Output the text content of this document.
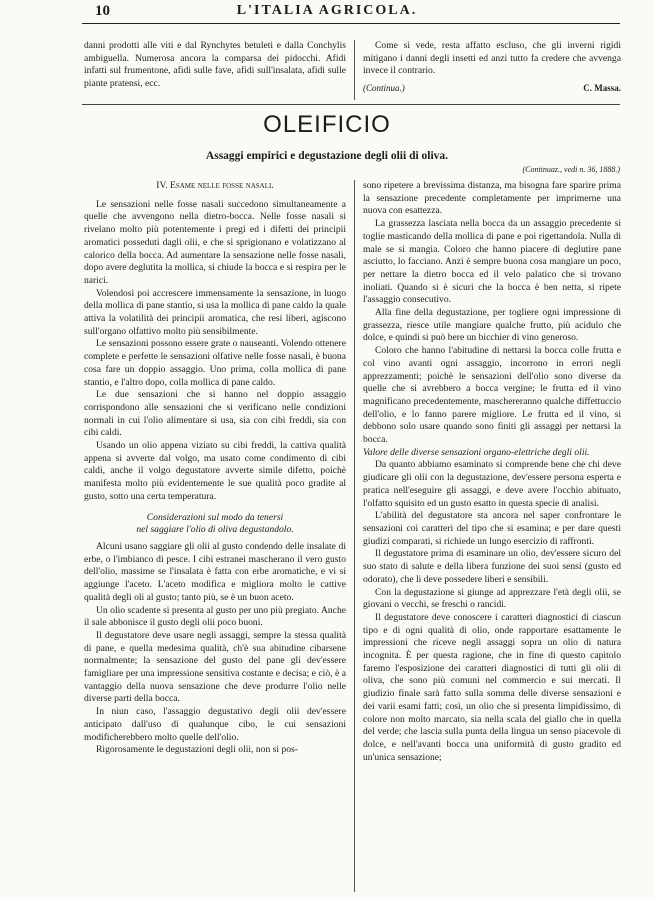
10	L'ITALIA AGRICOLA.

danni prodotti alle viti e dal Rynchytes betuleti e dalla Conchylis ambiguella. Numerosa ancora la comparsa dei pidocchi. Afidi infatti sul frumentone, afidi sulle fave, afidi sull'insalata, afidi sulle piante pratensi, ecc.

Come si vede, resta affatto escluso, che gli inverni rigidi mitigano i danni degli insetti ed anzi tutto fa credere che avvenga invece il contrario.

(Continua.)	C. Massa.
OLEIFICIO
Assaggi empirici e degustazione degli olii di oliva.
(Continuaz., vedi n. 36, 1888.)
IV. Esame nelle fosse nasali.

Le sensazioni nelle fosse nasali succedono simultaneamente a quelle che avvengono nella dietro-bocca. Nelle fosse nasali si rivelano molto più potentemente i pregi ed i difetti dei principii aromatici posseduti dagli olii, e che si sprigionano e volatizzano al calorico della bocca. Ad aumentare la sensazione nelle fosse nasali, dopo avere deglutita la mollica, si chiude la bocca e si respira per le narici.

Volendosi poi accrescere immensamente la sensazione, in luogo della mollica di pane stantio, si usa la mollica di pane caldo la quale attiva la volatilità dei principii aromatica, che resi liberi, agiscono sull'organo olfattivo molto più sensibilmente.

Le sensazioni possono essere grate o nauseanti. Volendo ottenere complete e perfette le sensazioni olfative nelle fosse nasali, è buona cosa fare un doppio assaggio. Uno prima, colla mollica di pane stantio, e l'altro dopo, colla mollica di pane caldo.

Le due sensazioni che si hanno nel doppio assaggio corrispondono alle sensazioni che si verificano nelle condizioni normali in cui l'olio alimentare si usa, sia con cibi freddi, sia con cibi caldi.

Usando un olio appena viziato su cibi freddi, la cattiva qualità appena si avverte dal volgo, ma usato come condimento di cibi caldi, anche il volgo degustatore avverte simile difetto, poichè manifesta molto più evidentemente le sue qualità poco gradite al gusto, sotto una certa temperatura.

Considerazioni sul modo da tenersi
nel saggiare l'olio di oliva degustandolo.

Alcuni usano saggiare gli olii al gusto condendo delle insalate di erbe, o l'imbianco di pesce. I cibi estranei mascherano il vero gusto dell'olio, massime se l'insalata è fatta con erbe aromatiche, e vi si aggiunge l'aceto. L'aceto modifica e migliora molto le cattive qualità degli oli al gusto; tanto più, se è un buon aceto.

Un olio scadente si presenta al gusto per uno più pregiato. Anche il sale abbonisce il gusto degli olii poco buoni.

Il degustatore deve usare negli assaggi, sempre la stessa qualità di pane, e quella medesima qualità, ch'è sua abitudine cibarsene normalmente; la sensazione del gusto del pane gli dev'essere famigliare per una impressione sensitiva costante e decisa; e ciò, è a vantaggio della nuova sensazione che deve produrre l'olio nelle diverse parti della bocca.

In niun caso, l'assaggio degustativo degli olii dev'essere anticipato dall'uso di qualunque cibo, le cui sensazioni modificherebbero molto quelle dell'olio.

Rigorosamente le degustazioni degli olii, non si pos-

sono ripetere a brevissima distanza, ma bisogna fare sparire prima la sensazione precedente completamente per imprimerne una nuova con esattezza.

La grassezza lasciata nella bocca da un assaggio precedente si toglie masticando della mollica di pane e poi rigettandola. Nulla di male se si mangia. Coloro che hanno piacere di deglutire pane asciutto, lo facciano. Anzi è sempre buona cosa mangiare un poco, per nettare la dietro bocca ed il velo palatico che si trovano inoliati. Quando si è sicuri che la bocca è ben netta, si ripete l'assaggio consecutivo.

Alla fine della degustazione, per togliere ogni impressione di grassezza, riesce utile mangiare qualche frutto, più acidulo che dolce, e quindi si può bere un bicchier di vino generoso.

Coloro che hanno l'abitudine di nettarsi la bocca colle frutta e col vino avanti ogni assaggio, incorrono in errori negli apprezzamenti; poichè le sensazioni dell'olio sono diverse da quelle che si avrebbero a bocca vergine; le frutta ed il vino magnificano precedentemente, maschereranno qualche diffettuccio dell'olio, e lo fanno parere migliore. Le frutta ed il vino, si debbono solo usare quando sono finiti gli assaggi per nettarsi la bocca.

Valore delle diverse sensazioni organo-elettriche degli olii.

Da quanto abbiamo esaminato si comprende bene che chi deve giudicare gli olii con la degustazione, dev'essere persona esperta e pratica nell'eseguire gli assaggi, e deve avere l'occhio abituato, l'olfatto squisito ed un gusto esatto in questa specie di analisi.

L'abilità del degustatore sta ancora nel saper confrontare le sensazioni coi caratteri del tipo che si esamina; e per dare questi giudizi comparati, si richiede un lungo esercizio di raffronti.

Il degustatore prima di esaminare un olio, dev'essere sicuro del suo stato di salute e della libera funzione dei suoi sensi (gusto ed odorato), che li deve possedere liberi e sensibili.

Con la degustazione si giunge ad apprezzare l'età degli olii, se giovani o vecchi, se freschi o rancidi.

Il degustatore deve conoscere i caratteri diagnostici di ciascun tipo e di ogni qualità di olio, onde rapportare esattamente le impressioni che riceve negli assaggi sopra un olio di natura incognita. È per questa ragione, che in fine di questo capitolo faremo l'esposizione dei caratteri diagnostici di tutti gli olii di oliva, che sono più comuni nel commercio e sui mercati. Il giudizio finale sarà fatto sulla somma delle diverse sensazioni e dei varii esami fatti; così, un olio che si presenta limpidissimo, di colore non molto marcato, sia nella scala del giallo che in quella del verde; che lascia sulla punta della lingua un senso piacevole di dolce, e nell'avanti bocca una uniformità di gusto gradito ed un'unica sensazione;
